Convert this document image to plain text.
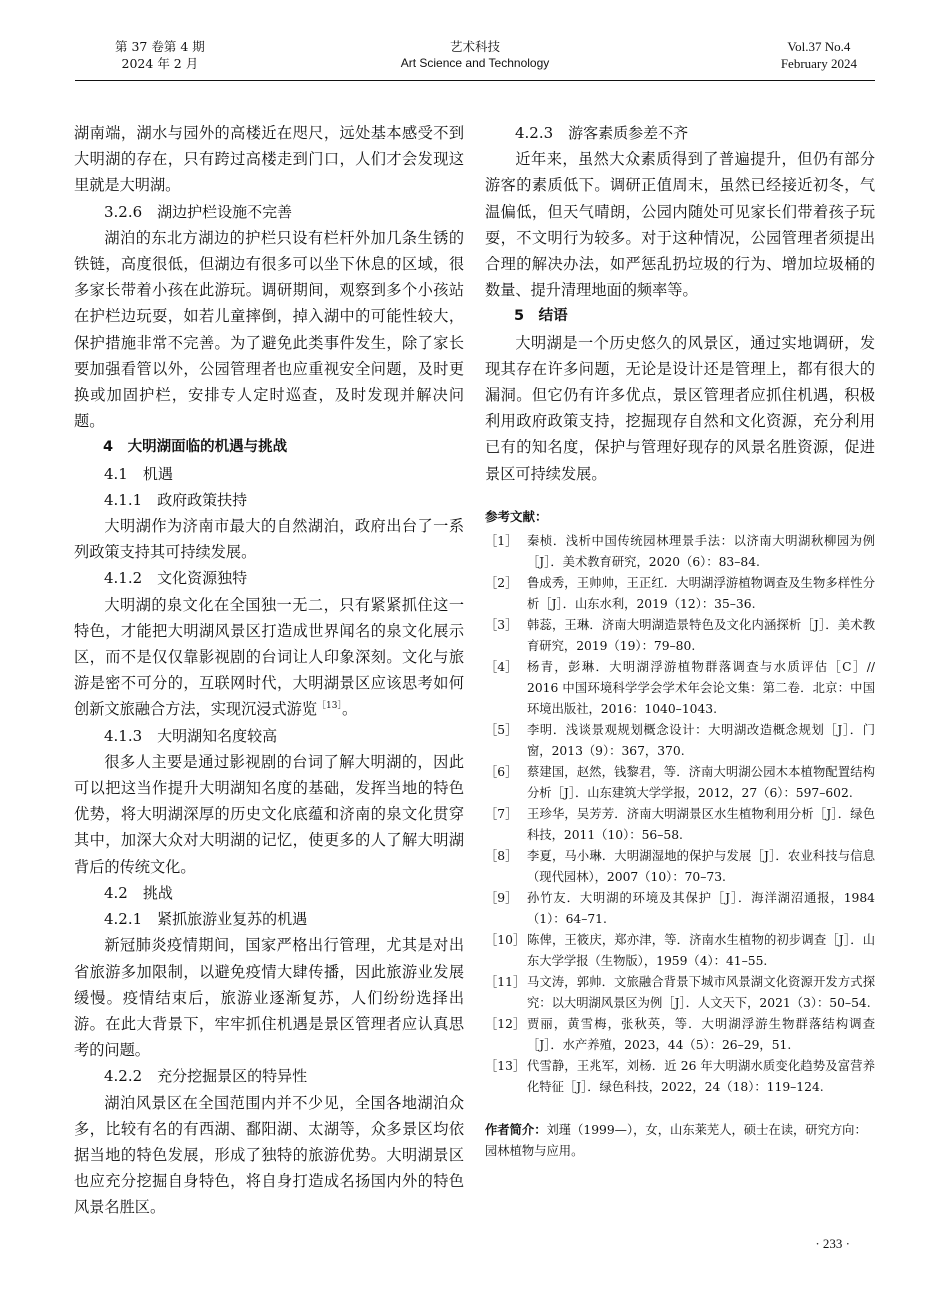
第 37 卷第 4 期
2024 年 2 月
艺术科技
Art Science and Technology
Vol.37 No.4
February 2024

湖南端，湖水与园外的高楼近在咫尺，远处基本感受不到大明湖的存在，只有跨过高楼走到门口，人们才会发现这里就是大明湖。

3.2.6　湖边护栏设施不完善

湖泊的东北方湖边的护栏只设有栏杆外加几条生锈的铁链，高度很低，但湖边有很多可以坐下休息的区域，很多家长带着小孩在此游玩。调研期间，观察到多个小孩站在护栏边玩耍，如若儿童摔倒，掉入湖中的可能性较大，保护措施非常不完善。为了避免此类事件发生，除了家长要加强看管以外，公园管理者也应重视安全问题，及时更换或加固护栏，安排专人定时巡查，及时发现并解决问题。

4　大明湖面临的机遇与挑战

4.1　机遇

4.1.1　政府政策扶持

大明湖作为济南市最大的自然湖泊，政府出台了一系列政策支持其可持续发展。

4.1.2　文化资源独特

大明湖的泉文化在全国独一无二，只有紧紧抓住这一特色，才能把大明湖风景区打造成世界闻名的泉文化展示区，而不是仅仅靠影视剧的台词让人印象深刻。文化与旅游是密不可分的，互联网时代，大明湖景区应该思考如何创新文旅融合方法，实现沉浸式游览$^{[13]}$。

4.1.3　大明湖知名度较高

很多人主要是通过影视剧的台词了解大明湖的，因此可以把这当作提升大明湖知名度的基础，发挥当地的特色优势，将大明湖深厚的历史文化底蕴和济南的泉文化贯穿其中，加深大众对大明湖的记忆，使更多的人了解大明湖背后的传统文化。

4.2　挑战

4.2.1　紧抓旅游业复苏的机遇

新冠肺炎疫情期间，国家严格出行管理，尤其是对出省旅游多加限制，以避免疫情大肆传播，因此旅游业发展缓慢。疫情结束后，旅游业逐渐复苏，人们纷纷选择出游。在此大背景下，牢牢抓住机遇是景区管理者应认真思考的问题。

4.2.2　充分挖掘景区的特异性

湖泊风景区在全国范围内并不少见，全国各地湖泊众多，比较有名的有西湖、鄱阳湖、太湖等，众多景区均依据当地的特色发展，形成了独特的旅游优势。大明湖景区也应充分挖掘自身特色，将自身打造成名扬国内外的特色风景名胜区。

4.2.3　游客素质参差不齐

近年来，虽然大众素质得到了普遍提升，但仍有部分游客的素质低下。调研正值周末，虽然已经接近初冬，气温偏低，但天气晴朗，公园内随处可见家长们带着孩子玩耍，不文明行为较多。对于这种情况，公园管理者须提出合理的解决办法，如严惩乱扔垃圾的行为、增加垃圾桶的数量、提升清理地面的频率等。

5　结语

大明湖是一个历史悠久的风景区，通过实地调研，发现其存在许多问题，无论是设计还是管理上，都有很大的漏洞。但它仍有许多优点，景区管理者应抓住机遇，积极利用政府政策支持，挖掘现存自然和文化资源，充分利用已有的知名度，保护与管理好现存的风景名胜资源，促进景区可持续发展。

参考文献：
［1］ 秦桢．浅析中国传统园林理景手法：以济南大明湖秋柳园为例［J］．美术教育研究，2020（6）：83–84.
［2］ 鲁成秀，王帅帅，王正红．大明湖浮游植物调查及生物多样性分析［J］．山东水利，2019（12）：35–36.
［3］ 韩蕊，王琳．济南大明湖造景特色及文化内涵探析［J］．美术教育研究，2019（19）：79–80.
［4］ 杨青，彭琳．大明湖浮游植物群落调查与水质评估［C］// 2016 中国环境科学学会学术年会论文集：第二卷．北京：中国环境出版社，2016：1040–1043.
［5］ 李明．浅谈景观规划概念设计：大明湖改造概念规划［J］．门窗，2013（9）：367，370.
［6］ 蔡建国，赵然，钱黎君，等．济南大明湖公园木本植物配置结构分析［J］．山东建筑大学学报，2012，27（6）：597–602.
［7］ 王珍华，吴芳芳．济南大明湖景区水生植物利用分析［J］．绿色科技，2011（10）：56–58.
［8］ 李夏，马小琳．大明湖湿地的保护与发展［J］．农业科技与信息（现代园林），2007（10）：70–73.
［9］ 孙竹友．大明湖的环境及其保护［J］．海洋湖沼通报，1984（1）：64–71.
［10］ 陈俾，王筱庆，郑亦津，等．济南水生植物的初步调查［J］．山东大学学报（生物版），1959（4）：41–55.
［11］ 马文涛，郭帅．文旅融合背景下城市风景湖文化资源开发方式探究：以大明湖风景区为例［J］．人文天下，2021（3）：50–54.
［12］ 贾丽，黄雪梅，张秋英，等．大明湖浮游生物群落结构调查［J］．水产养殖，2023，44（5）：26–29，51.
［13］ 代雪静，王兆军，刘杨．近 26 年大明湖水质变化趋势及富营养化特征［J］．绿色科技，2022，24（18）：119–124.
作者简介：刘瑾（1999—），女，山东莱芜人，硕士在读，研究方向：园林植物与应用。
· 233 ·
